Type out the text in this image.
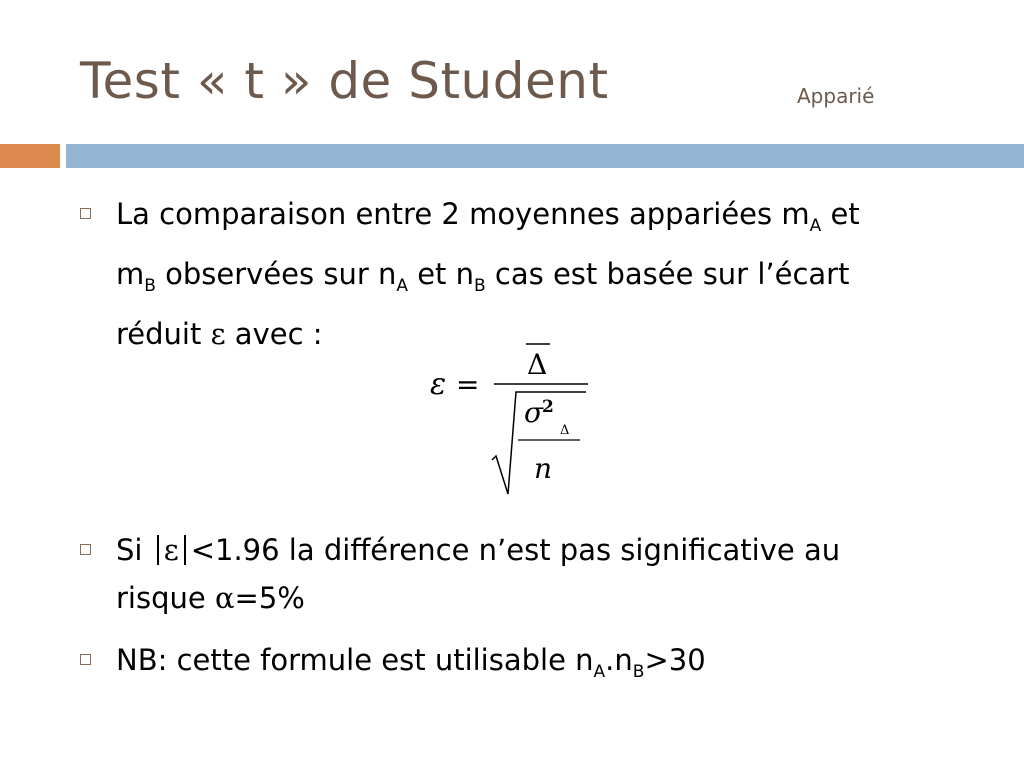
Test « t » de Student	Apparié
La comparaison entre 2 moyennes appariées $m_A$ et
$m_B$ observées sur $n_A$ et $n_B$ cas est basée sur l’écart
réduit ε avec :
ε =
Δ
σ
2
Δ
n
Si ε <1.96 la différence n’est pas significative au
risque α=5%
NB: cette formule est utilisable $n_A.n_B>30$
